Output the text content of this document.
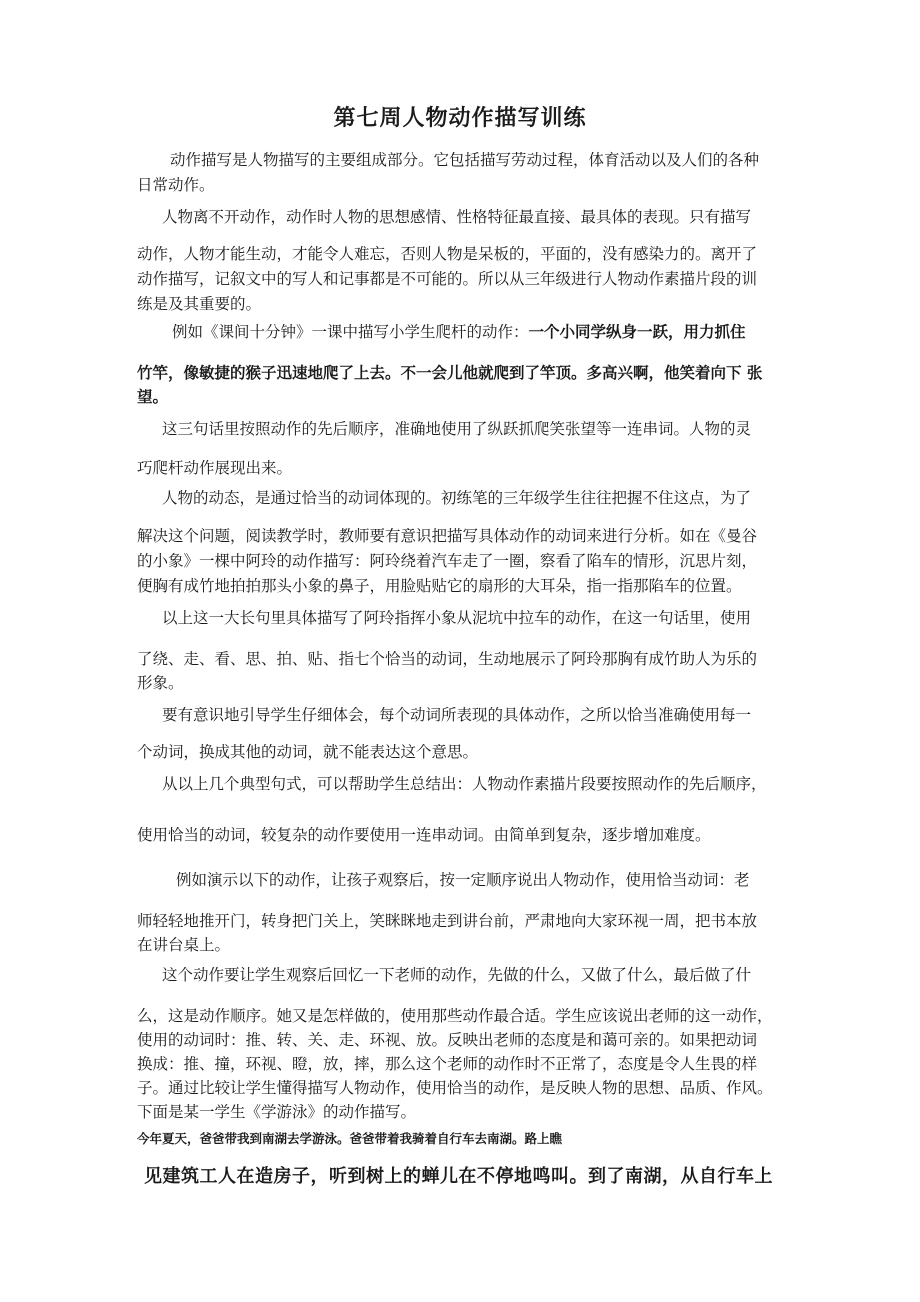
第七周人物动作描写训练
动作描写是人物描写的主要组成部分。它包括描写劳动过程，体育活动以及人们的各种
日常动作。
人物离不开动作，动作时人物的思想感情、性格特征最直接、最具体的表现。只有描写
动作，人物才能生动，才能令人难忘，否则人物是呆板的，平面的，没有感染力的。离开了
动作描写，记叙文中的写人和记事都是不可能的。所以从三年级进行人物动作素描片段的训
练是及其重要的。
例如《课间十分钟》一课中描写小学生爬杆的动作：一个小同学纵身一跃，用力抓住
竹竿，像敏捷的猴子迅速地爬了上去。不一会儿他就爬到了竿顶。多高兴啊，他笑着向下 张
望。
这三句话里按照动作的先后顺序，准确地使用了纵跃抓爬笑张望等一连串词。人物的灵
巧爬杆动作展现出来。
人物的动态，是通过恰当的动词体现的。初练笔的三年级学生往往把握不住这点，为了
解决这个问题，阅读教学时，教师要有意识把描写具体动作的动词来进行分析。如在《曼谷
的小象》一棵中阿玲的动作描写：阿玲绕着汽车走了一圈，察看了陷车的情形，沉思片刻，
便胸有成竹地拍拍那头小象的鼻子，用脸贴贴它的扇形的大耳朵，指一指那陷车的位置。
以上这一大长句里具体描写了阿玲指挥小象从泥坑中拉车的动作，在这一句话里，使用
了绕、走、看、思、拍、贴、指七个恰当的动词，生动地展示了阿玲那胸有成竹助人为乐的
形象。
要有意识地引导学生仔细体会，每个动词所表现的具体动作，之所以恰当准确使用每一
个动词，换成其他的动词，就不能表达这个意思。
从以上几个典型句式，可以帮助学生总结出：人物动作素描片段要按照动作的先后顺序，
使用恰当的动词，较复杂的动作要使用一连串动词。由简单到复杂，逐步增加难度。
例如演示以下的动作，让孩子观察后，按一定顺序说出人物动作，使用恰当动词：老
师轻轻地推开门，转身把门关上，笑眯眯地走到讲台前，严肃地向大家环视一周，把书本放
在讲台桌上。
这个动作要让学生观察后回忆一下老师的动作，先做的什么，又做了什么，最后做了什
么，这是动作顺序。她又是怎样做的，使用那些动作最合适。学生应该说出老师的这一动作，
使用的动词时：推、转、关、走、环视、放。反映出老师的态度是和蔼可亲的。如果把动词
换成：推、撞，环视、瞪，放，摔，那么这个老师的动作时不正常了，态度是令人生畏的样
子。通过比较让学生懂得描写人物动作，使用恰当的动作，是反映人物的思想、品质、作风。
下面是某一学生《学游泳》的动作描写。
今年夏天，爸爸带我到南湖去学游泳。爸爸带着我骑着自行车去南湖。路上瞧
见建筑工人在造房子，听到树上的蝉儿在不停地鸣叫。到了南湖，从自行车上
